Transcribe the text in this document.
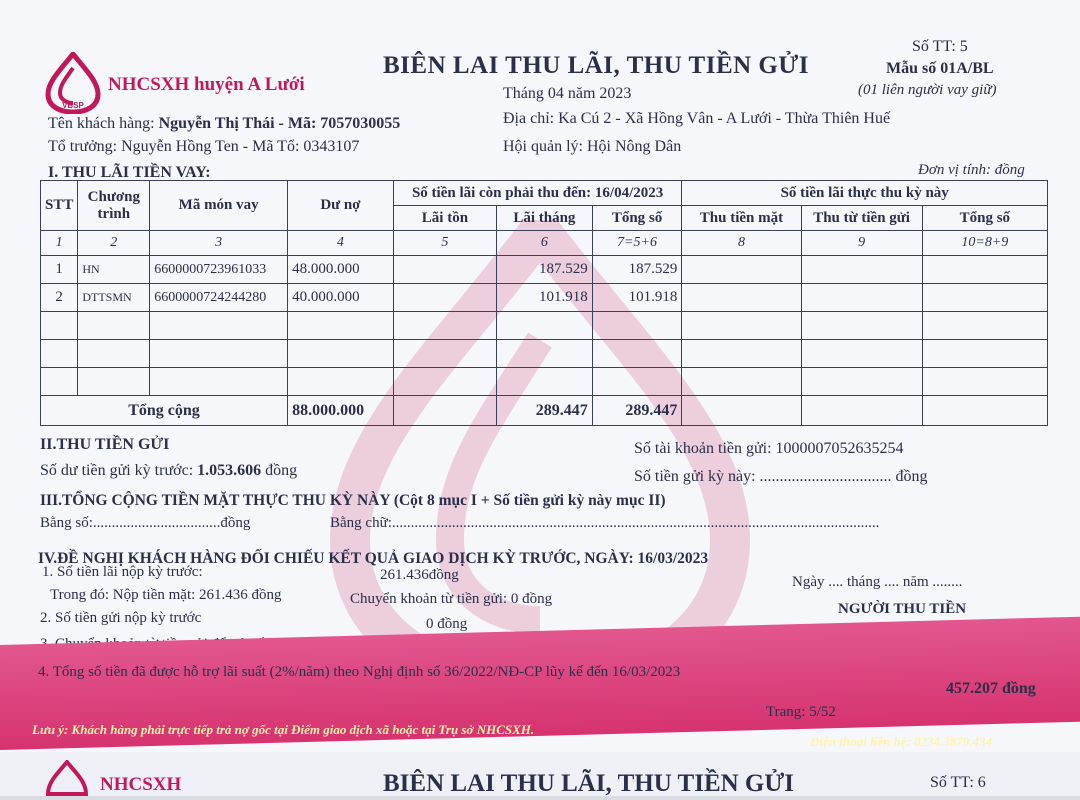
VBSP
NHCSXH huyện A Lưới
BIÊN LAI THU LÃI, THU TIỀN GỬI
Số TT: 5
Mẫu số 01A/BL
(01 liên người vay giữ)
Tháng 04 năm 2023
Tên khách hàng: Nguyễn Thị Thái - Mã: 7057030055	Địa chỉ: Ka Cú 2 - Xã Hồng Vân - A Lưới - Thừa Thiên Huế
Tổ trưởng: Nguyễn Hồng Ten - Mã Tổ: 0343107	Hội quản lý: Hội Nông Dân
Đơn vị tính: đồng
I. THU LÃI TIỀN VAY:
STT	Chương trình	Mã món vay	Dư nợ	Số tiền lãi còn phải thu đến: 16/04/2023			Số tiền lãi thực thu kỳ này		
				Lãi tồn	Lãi tháng	Tổng số	Thu tiền mặt	Thu từ tiền gửi	Tổng số
1	2	3	4	5	6	7=5+6	8	9	10=8+9
1	HN	6600000723961033	48.000.000		187.529	187.529			
2	DTTSMN	6600000724244280	40.000.000		101.918	101.918			

Tổng cộng			88.000.000		289.447	289.447			
II.THU TIỀN GỬI	Số tài khoản tiền gửi: 1000007052635254
Số dư tiền gửi kỳ trước: 1.053.606 đồng	Số tiền gửi kỳ này: ................................. đồng
III.TỔNG CỘNG TIỀN MẶT THỰC THU KỲ NÀY (Cột 8 mục I + Số tiền gửi kỳ này mục II)
Bằng số:..................................đồng	Bằng chữ:..................................................................................................................................
IV.ĐỀ NGHỊ KHÁCH HÀNG ĐỐI CHIẾU KẾT QUẢ GIAO DỊCH KỲ TRƯỚC, NGÀY: 16/03/2023
1. Số tiền lãi nộp kỳ trước:	261.436đồng	Ngày .... tháng .... năm ........
Trong đó: Nộp tiền mặt: 261.436 đồng	Chuyển khoản từ tiền gửi: 0 đồng
NGƯỜI THU TIỀN
2. Số tiền gửi nộp kỳ trước	0 đồng
4. Tổng số tiền đã được hỗ trợ lãi suất (2%/năm) theo Nghị định số 36/2022/NĐ-CP lũy kế đến 16/03/2023
457.207 đồng
Trang: 5/52
Lưu ý: Khách hàng phải trực tiếp trả nợ gốc tại Điểm giao dịch xã hoặc tại Trụ sở NHCSXH.
Điện thoại liên hệ: 0234.3879.434
NHCSXH	BIÊN LAI THU LÃI, THU TIỀN GỬI	Số TT: 6
